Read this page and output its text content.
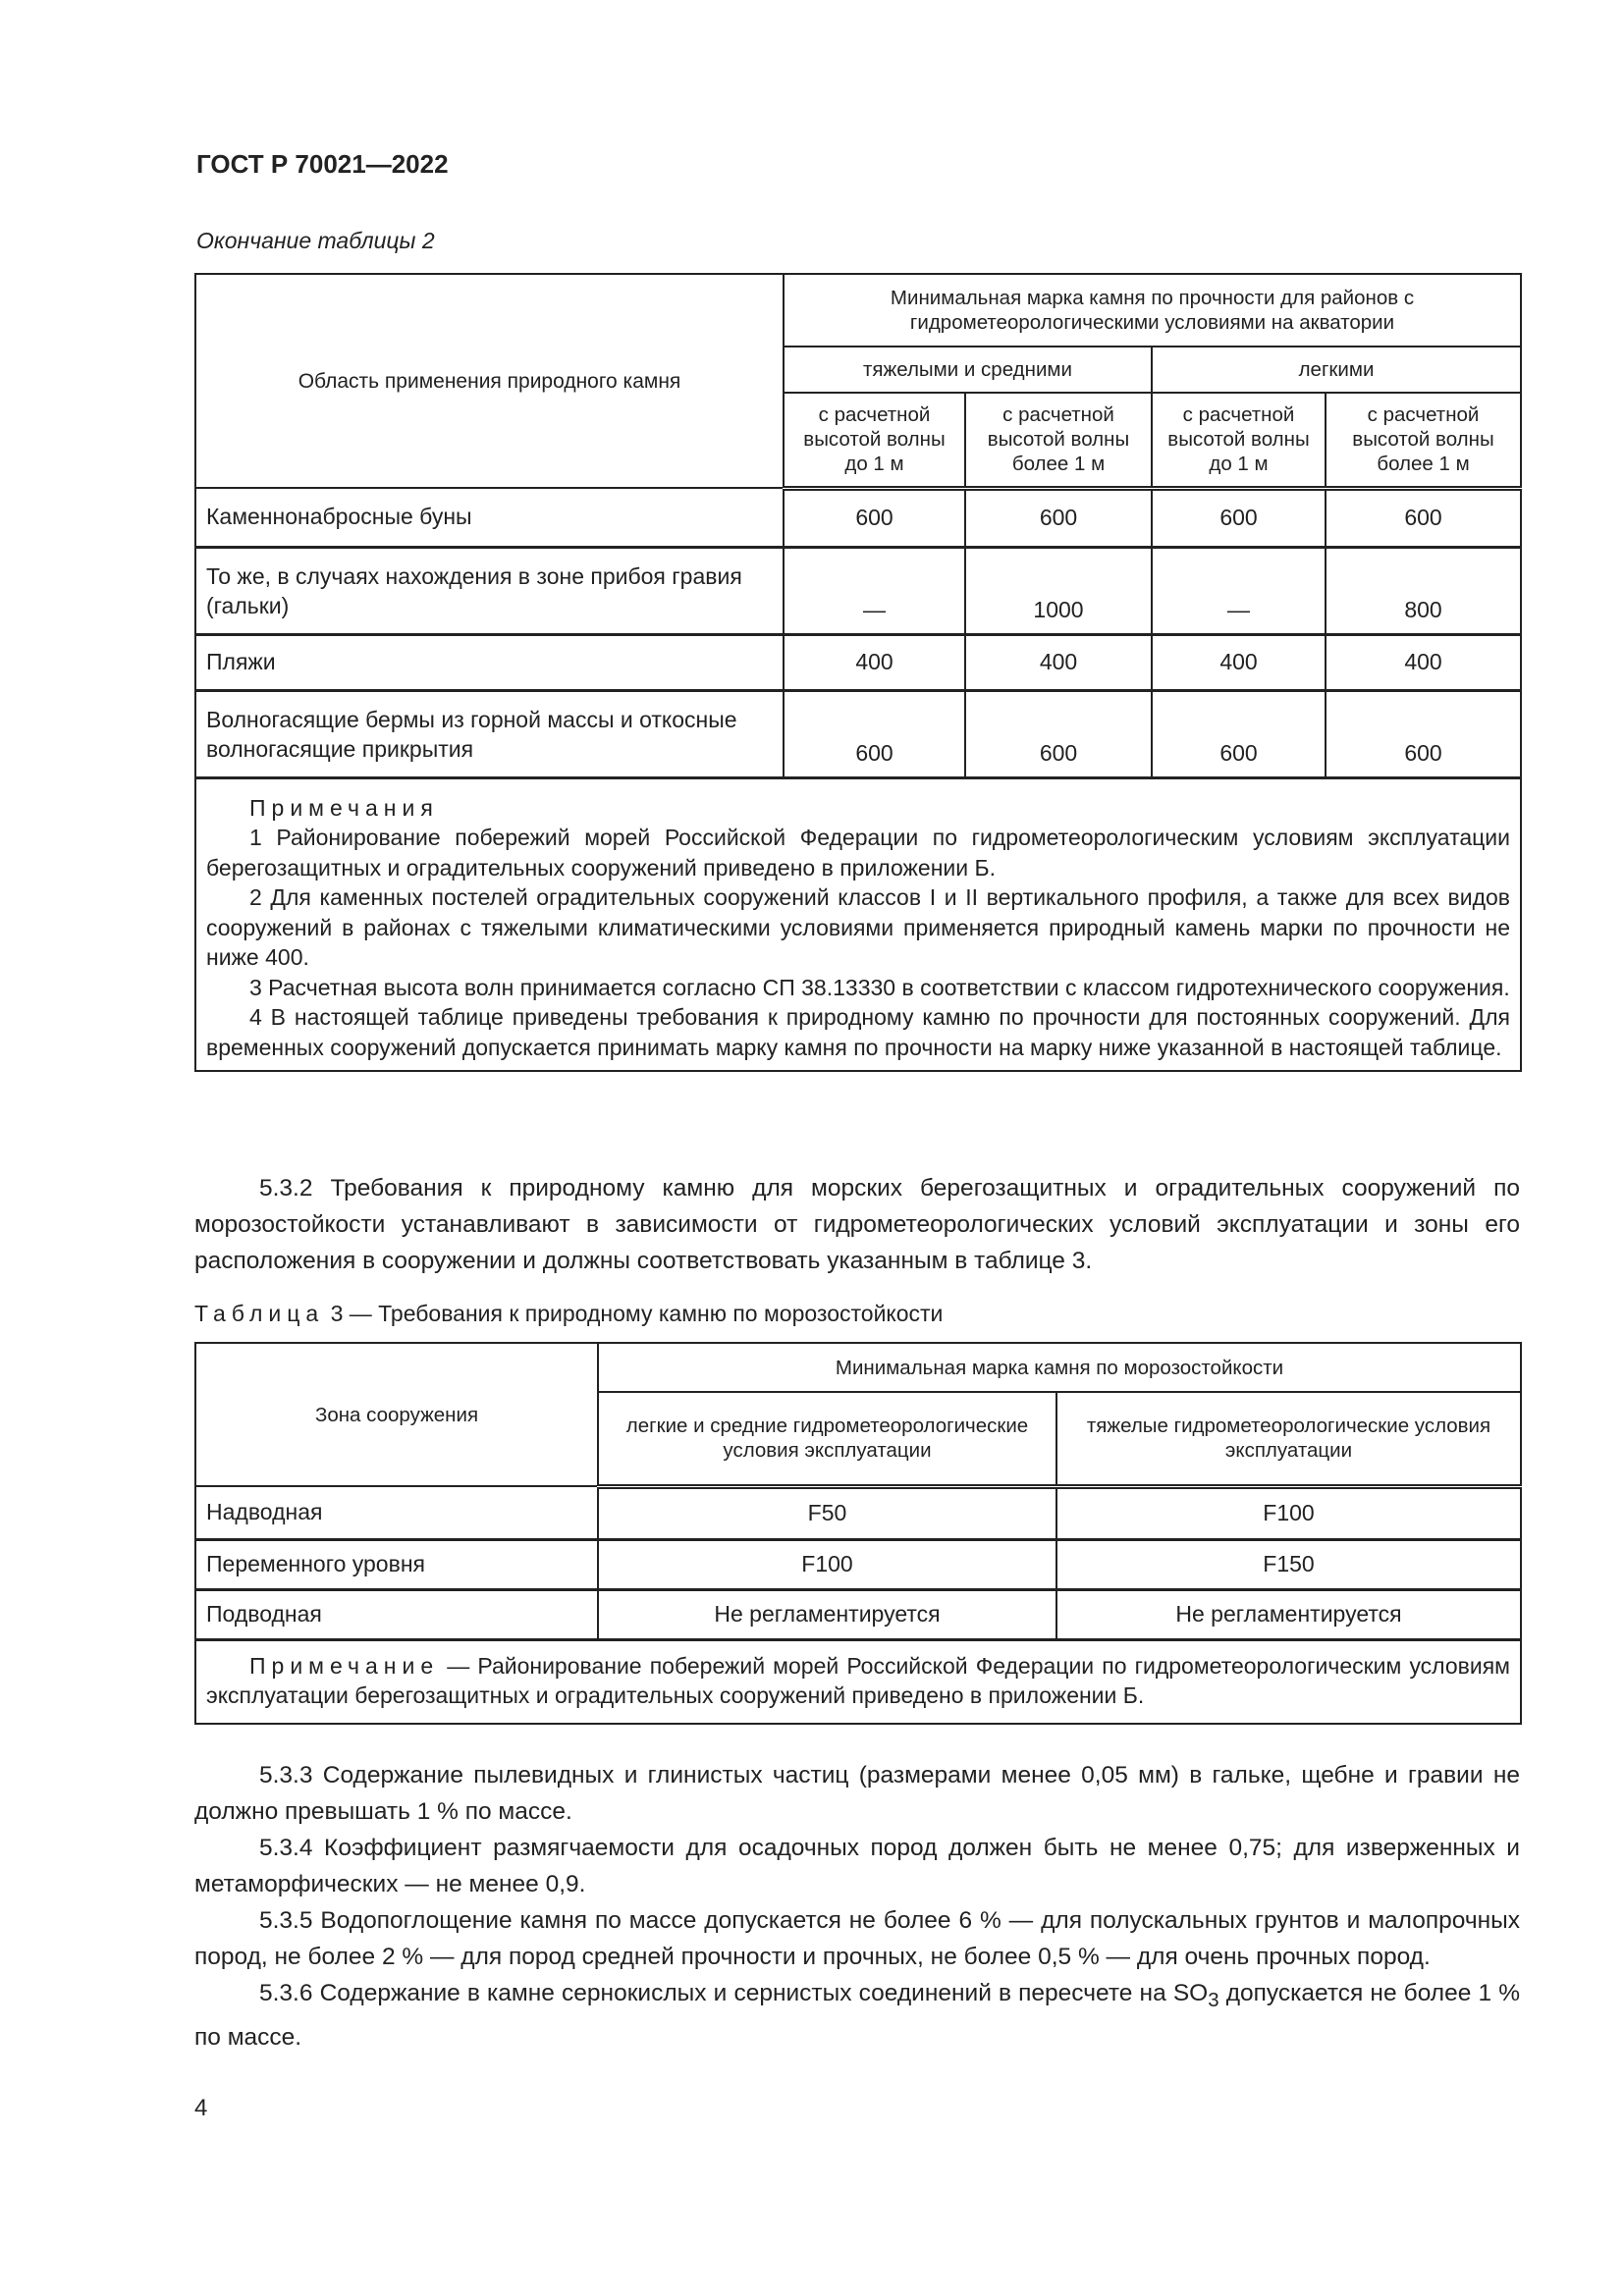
ГОСТ Р 70021—2022
Окончание таблицы 2
Область применения природного камня	Минимальная марка камня по прочности для районов с гидрометеорологическими условиями на акватории			
	тяжелыми и средними		легкими	
	с расчетной высотой волны до 1 м	с расчетной высотой волны более 1 м	с расчетной высотой волны до 1 м	с расчетной высотой волны более 1 м
Каменнонабросные буны	600	600	600	600
То же, в случаях нахождения в зоне прибоя гравия (гальки)	—	1000	—	800
Пляжи	400	400	400	400
Волногасящие бермы из горной массы и откосные волногасящие прикрытия	600	600	600	600

Примечания

1 Районирование побережий морей Российской Федерации по гидрометеорологическим условиям эксплуатации берегозащитных и оградительных сооружений приведено в приложении Б.

2 Для каменных постелей оградительных сооружений классов I и II вертикального профиля, а также для всех видов сооружений в районах с тяжелыми климатическими условиями применяется природный камень марки по прочности не ниже 400.

3 Расчетная высота волн принимается согласно СП 38.13330 в соответствии с классом гидротехнического сооружения.

4 В настоящей таблице приведены требования к природному камню по прочности для постоянных сооружений. Для временных сооружений допускается принимать марку камня по прочности на марку ниже указанной в настоящей таблице.				

5.3.2 Требования к природному камню для морских берегозащитных и оградительных сооружений по морозостойкости устанавливают в зависимости от гидрометеорологических условий эксплуатации и зоны его расположения в сооружении и должны соответствовать указанным в таблице 3.

Таблица 3 — Требования к природному камню по морозостойкости
Зона сооружения	Минимальная марка камня по морозостойкости	
	легкие и средние гидрометеорологические условия эксплуатации	тяжелые гидрометеорологические условия эксплуатации
Надводная	F50	F100
Переменного уровня	F100	F150
Подводная	Не регламентируется	Не регламентируется

Примечание — Районирование побережий морей Российской Федерации по гидрометеорологическим условиям эксплуатации берегозащитных и оградительных сооружений приведено в приложении Б.		

5.3.3 Содержание пылевидных и глинистых частиц (размерами менее 0,05 мм) в гальке, щебне и гравии не должно превышать 1 % по массе.

5.3.4 Коэффициент размягчаемости для осадочных пород должен быть не менее 0,75; для изверженных и метаморфических — не менее 0,9.

5.3.5 Водопоглощение камня по массе допускается не более 6 % — для полускальных грунтов и малопрочных пород, не более 2 % — для пород средней прочности и прочных, не более 0,5 % — для очень прочных пород.

5.3.6 Содержание в камне сернокислых и сернистых соединений в пересчете на $SO_3$ допускается не более 1 % по массе.

4
